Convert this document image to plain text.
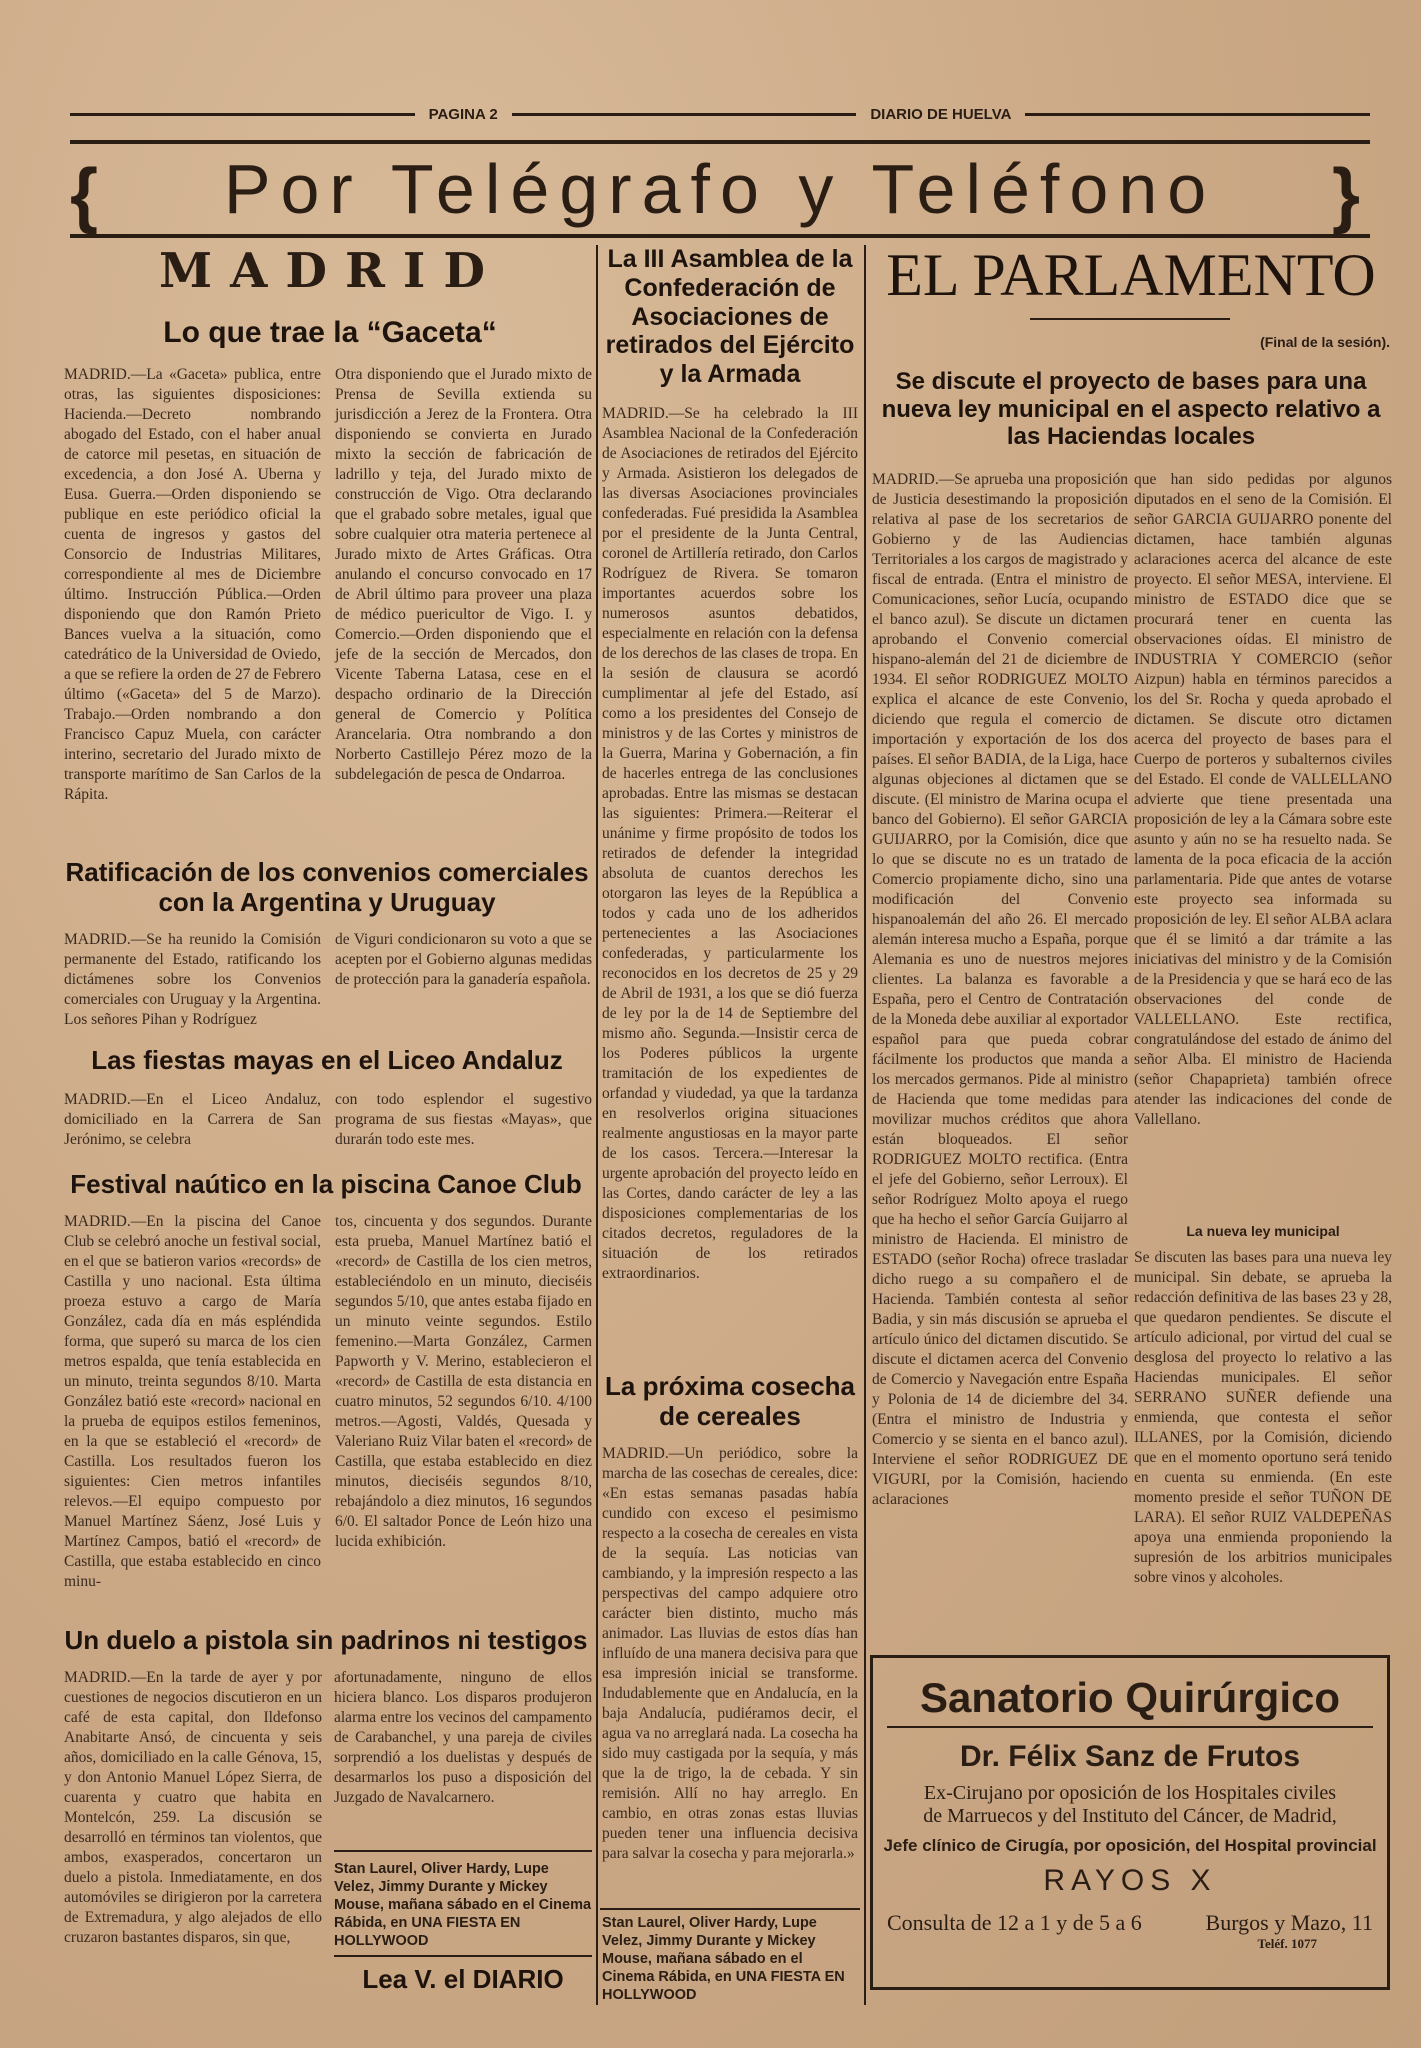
PAGINA 2	DIARIO DE HUELVA
{ Por Telégrafo y Teléfono }
MADRID
Lo que trae la “Gaceta“
MADRID.—La «Gaceta» publica, entre otras, las siguientes disposiciones: Hacienda.—Decreto nombrando abogado del Estado, con el haber anual de catorce mil pesetas, en situación de excedencia, a don José A. Uberna y Eusa. Guerra.—Orden disponiendo se publique en este periódico oficial la cuenta de ingresos y gastos del Consorcio de Industrias Militares, correspondiente al mes de Diciembre último. Instrucción Pública.—Orden disponiendo que don Ramón Prieto Bances vuelva a la situación, como catedrático de la Universidad de Oviedo, a que se refiere la orden de 27 de Febrero último («Gaceta» del 5 de Marzo). Trabajo.—Orden nombrando a don Francisco Capuz Muela, con carácter interino, secretario del Jurado mixto de transporte marítimo de San Carlos de la Rápita.
Otra disponiendo que el Jurado mixto de Prensa de Sevilla extienda su jurisdicción a Jerez de la Frontera. Otra disponiendo se convierta en Jurado mixto la sección de fabricación de ladrillo y teja, del Jurado mixto de construcción de Vigo. Otra declarando que el grabado sobre metales, igual que sobre cualquier otra materia pertenece al Jurado mixto de Artes Gráficas. Otra anulando el concurso convocado en 17 de Abril último para proveer una plaza de médico puericultor de Vigo. I. y Comercio.—Orden disponiendo que el jefe de la sección de Mercados, don Vicente Taberna Latasa, cese en el despacho ordinario de la Dirección general de Comercio y Política Arancelaria. Otra nombrando a don Norberto Castillejo Pérez mozo de la subdelegación de pesca de Ondarroa.
Ratificación de los convenios comerciales con la Argentina y Uruguay
MADRID.—Se ha reunido la Comisión permanente del Estado, ratificando los dictámenes sobre los Convenios comerciales con Uruguay y la Argentina. Los señores Pihan y Rodríguez
de Viguri condicionaron su voto a que se acepten por el Gobierno algunas medidas de protección para la ganadería española.
Las fiestas mayas en el Liceo Andaluz
MADRID.—En el Liceo Andaluz, domiciliado en la Carrera de San Jerónimo, se celebra
con todo esplendor el sugestivo programa de sus fiestas «Mayas», que durarán todo este mes.
Festival naútico en la piscina Canoe Club
MADRID.—En la piscina del Canoe Club se celebró anoche un festival social, en el que se batieron varios «records» de Castilla y uno nacional. Esta última proeza estuvo a cargo de María González, cada día en más espléndida forma, que superó su marca de los cien metros espalda, que tenía establecida en un minuto, treinta segundos 8/10. Marta González batió este «record» nacional en la prueba de equipos estilos femeninos, en la que se estableció el «record» de Castilla. Los resultados fueron los siguientes: Cien metros infantiles relevos.—El equipo compuesto por Manuel Martínez Sáenz, José Luis y Martínez Campos, batió el «record» de Castilla, que estaba establecido en cinco minu-
tos, cincuenta y dos segundos. Durante esta prueba, Manuel Martínez batió el «record» de Castilla de los cien metros, estableciéndolo en un minuto, dieciséis segundos 5/10, que antes estaba fijado en un minuto veinte segundos. Estilo femenino.—Marta González, Carmen Papworth y V. Merino, establecieron el «record» de Castilla de esta distancia en cuatro minutos, 52 segundos 6/10. 4/100 metros.—Agosti, Valdés, Quesada y Valeriano Ruiz Vilar baten el «record» de Castilla, que estaba establecido en diez minutos, dieciséis segundos 8/10, rebajándolo a diez minutos, 16 segundos 6/0. El saltador Ponce de León hizo una lucida exhibición.
Un duelo a pistola sin padrinos ni testigos
MADRID.—En la tarde de ayer y por cuestiones de negocios discutieron en un café de esta capital, don Ildefonso Anabitarte Ansó, de cincuenta y seis años, domiciliado en la calle Génova, 15, y don Antonio Manuel López Sierra, de cuarenta y cuatro que habita en Montelcón, 259. La discusión se desarrolló en términos tan violentos, que ambos, exasperados, concertaron un duelo a pistola. Inmediatamente, en dos automóviles se dirigieron por la carretera de Extremadura, y algo alejados de ello cruzaron bastantes disparos, sin que,
afortunadamente, ninguno de ellos hiciera blanco. Los disparos produjeron alarma entre los vecinos del campamento de Carabanchel, y una pareja de civiles sorprendió a los duelistas y después de desarmarlos los puso a disposición del Juzgado de Navalcarnero.
Stan Laurel, Oliver Hardy, Lupe Velez, Jimmy Durante y Mickey Mouse, mañana sábado en el Cinema Rábida, en UNA FIESTA EN HOLLYWOOD
Lea V. el DIARIO
La III Asamblea de la Confederación de Asociaciones de retirados del Ejército y la Armada
MADRID.—Se ha celebrado la III Asamblea Nacional de la Confederación de Asociaciones de retirados del Ejército y Armada. Asistieron los delegados de las diversas Asociaciones provinciales confederadas. Fué presidida la Asamblea por el presidente de la Junta Central, coronel de Artillería retirado, don Carlos Rodríguez de Rivera. Se tomaron importantes acuerdos sobre los numerosos asuntos debatidos, especialmente en relación con la defensa de los derechos de las clases de tropa. En la sesión de clausura se acordó cumplimentar al jefe del Estado, así como a los presidentes del Consejo de ministros y de las Cortes y ministros de la Guerra, Marina y Gobernación, a fin de hacerles entrega de las conclusiones aprobadas. Entre las mismas se destacan las siguientes: Primera.—Reiterar el unánime y firme propósito de todos los retirados de defender la integridad absoluta de cuantos derechos les otorgaron las leyes de la República a todos y cada uno de los adheridos pertenecientes a las Asociaciones confederadas, y particularmente los reconocidos en los decretos de 25 y 29 de Abril de 1931, a los que se dió fuerza de ley por la de 14 de Septiembre del mismo año. Segunda.—Insistir cerca de los Poderes públicos la urgente tramitación de los expedientes de orfandad y viudedad, ya que la tardanza en resolverlos origina situaciones realmente angustiosas en la mayor parte de los casos. Tercera.—Interesar la urgente aprobación del proyecto leído en las Cortes, dando carácter de ley a las disposiciones complementarias de los citados decretos, reguladores de la situación de los retirados extraordinarios.
La próxima cosecha de cereales
MADRID.—Un periódico, sobre la marcha de las cosechas de cereales, dice: «En estas semanas pasadas había cundido con exceso el pesimismo respecto a la cosecha de cereales en vista de la sequía. Las noticias van cambiando, y la impresión respecto a las perspectivas del campo adquiere otro carácter bien distinto, mucho más animador. Las lluvias de estos días han influído de una manera decisiva para que esa impresión inicial se transforme. Indudablemente que en Andalucía, en la baja Andalucía, pudiéramos decir, el agua va no arreglará nada. La cosecha ha sido muy castigada por la sequía, y más que la de trigo, la de cebada. Y sin remisión. Allí no hay arreglo. En cambio, en otras zonas estas lluvias pueden tener una influencia decisiva para salvar la cosecha y para mejorarla.»
Stan Laurel, Oliver Hardy, Lupe Velez, Jimmy Durante y Mickey Mouse, mañana sábado en el Cinema Rábida, en UNA FIESTA EN HOLLYWOOD
EL PARLAMENTO
(Final de la sesión).
Se discute el proyecto de bases para una nueva ley municipal en el aspecto relativo a las Haciendas locales
MADRID.—Se aprueba una proposición de Justicia desestimando la proposición relativa al pase de los secretarios de Gobierno y de las Audiencias Territoriales a los cargos de magistrado y fiscal de entrada. (Entra el ministro de Comunicaciones, señor Lucía, ocupando el banco azul). Se discute un dictamen aprobando el Convenio comercial hispano-alemán del 21 de diciembre de 1934. El señor RODRIGUEZ MOLTO explica el alcance de este Convenio, diciendo que regula el comercio de importación y exportación de los dos países. El señor BADIA, de la Liga, hace algunas objeciones al dictamen que se discute. (El ministro de Marina ocupa el banco del Gobierno). El señor GARCIA GUIJARRO, por la Comisión, dice que lo que se discute no es un tratado de Comercio propiamente dicho, sino una modificación del Convenio hispanoalemán del año 26. El mercado alemán interesa mucho a España, porque Alemania es uno de nuestros mejores clientes. La balanza es favorable a España, pero el Centro de Contratación de la Moneda debe auxiliar al exportador español para que pueda cobrar fácilmente los productos que manda a los mercados germanos. Pide al ministro de Hacienda que tome medidas para movilizar muchos créditos que ahora están bloqueados. El señor RODRIGUEZ MOLTO rectifica. (Entra el jefe del Gobierno, señor Lerroux). El señor Rodríguez Molto apoya el ruego que ha hecho el señor García Guijarro al ministro de Hacienda. El ministro de ESTADO (señor Rocha) ofrece trasladar dicho ruego a su compañero el de Hacienda. También contesta al señor Badia, y sin más discusión se aprueba el artículo único del dictamen discutido. Se discute el dictamen acerca del Convenio de Comercio y Navegación entre España y Polonia de 14 de diciembre del 34. (Entra el ministro de Industria y Comercio y se sienta en el banco azul). Interviene el señor RODRIGUEZ DE VIGURI, por la Comisión, haciendo aclaraciones
que han sido pedidas por algunos diputados en el seno de la Comisión. El señor GARCIA GUIJARRO ponente del dictamen, hace también algunas aclaraciones acerca del alcance de este proyecto. El señor MESA, interviene. El ministro de ESTADO dice que se procurará tener en cuenta las observaciones oídas. El ministro de INDUSTRIA Y COMERCIO (señor Aizpun) habla en términos parecidos a los del Sr. Rocha y queda aprobado el dictamen. Se discute otro dictamen acerca del proyecto de bases para el Cuerpo de porteros y subalternos civiles del Estado. El conde de VALLELLANO advierte que tiene presentada una proposición de ley a la Cámara sobre este asunto y aún no se ha resuelto nada. Se lamenta de la poca eficacia de la acción parlamentaria. Pide que antes de votarse este proyecto sea informada su proposición de ley. El señor ALBA aclara que él se limitó a dar trámite a las iniciativas del ministro y de la Comisión de la Presidencia y que se hará eco de las observaciones del conde de VALLELLANO. Este rectifica, congratulándose del estado de ánimo del señor Alba. El ministro de Hacienda (señor Chapaprieta) también ofrece atender las indicaciones del conde de Vallellano.
La nueva ley municipal
Se discuten las bases para una nueva ley municipal. Sin debate, se aprueba la redacción definitiva de las bases 23 y 28, que quedaron pendientes. Se discute el artículo adicional, por virtud del cual se desglosa del proyecto lo relativo a las Haciendas municipales. El señor SERRANO SUÑER defiende una enmienda, que contesta el señor ILLANES, por la Comisión, diciendo que en el momento oportuno será tenido en cuenta su enmienda. (En este momento preside el señor TUÑON DE LARA). El señor RUIZ VALDEPEÑAS apoya una enmienda proponiendo la supresión de los arbitrios municipales sobre vinos y alcoholes.
Sanatorio Quirúrgico
Dr. Félix Sanz de Frutos
Ex-Cirujano por oposición de los Hospitales civiles
de Marruecos y del Instituto del Cáncer, de Madrid,
Jefe clínico de Cirugía, por oposición, del Hospital provincial
RAYOS X
Consulta de 12 a 1 y de 5 a 6	Burgos y Mazo, 11
Teléf. 1077
